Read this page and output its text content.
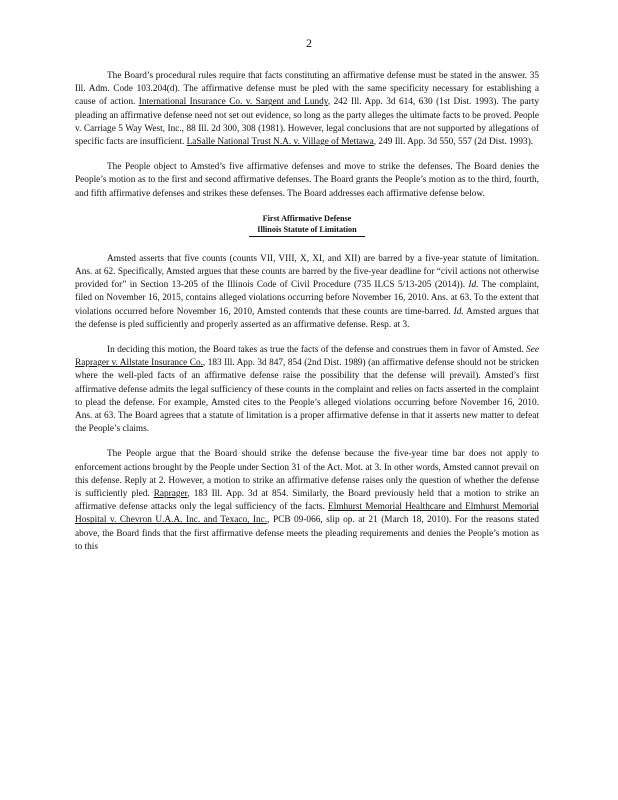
2

The Board’s procedural rules require that facts constituting an affirmative defense must be stated in the answer. 35 Ill. Adm. Code 103.204(d). The affirmative defense must be pled with the same specificity necessary for establishing a cause of action. International Insurance Co. v. Sargent and Lundy, 242 Ill. App. 3d 614, 630 (1st Dist. 1993). The party pleading an affirmative defense need not set out evidence, so long as the party alleges the ultimate facts to be proved. People v. Carriage 5 Way West, Inc., 88 Ill. 2d 300, 308 (1981). However, legal conclusions that are not supported by allegations of specific facts are insufficient. LaSalle National Trust N.A. v. Village of Mettawa, 249 Ill. App. 3d 550, 557 (2d Dist. 1993).

The People object to Amsted’s five affirmative defenses and move to strike the defenses. The Board denies the People’s motion as to the first and second affirmative defenses. The Board grants the People’s motion as to the third, fourth, and fifth affirmative defenses and strikes these defenses. The Board addresses each affirmative defense below.

First Affirmative Defense
Illinois Statute of Limitation

Amsted asserts that five counts (counts VII, VIII, X, XI, and XII) are barred by a five-year statute of limitation. Ans. at 62. Specifically, Amsted argues that these counts are barred by the five-year deadline for “civil actions not otherwise provided for” in Section 13-205 of the Illinois Code of Civil Procedure (735 ILCS 5/13-205 (2014)). Id. The complaint, filed on November 16, 2015, contains alleged violations occurring before November 16, 2010. Ans. at 63. To the extent that violations occurred before November 16, 2010, Amsted contends that these counts are time-barred. Id. Amsted argues that the defense is pled sufficiently and properly asserted as an affirmative defense. Resp. at 3.

In deciding this motion, the Board takes as true the facts of the defense and construes them in favor of Amsted. See Raprager v. Allstate Insurance Co., 183 Ill. App. 3d 847, 854 (2nd Dist. 1989) (an affirmative defense should not be stricken where the well-pled facts of an affirmative defense raise the possibility that the defense will prevail). Amsted’s first affirmative defense admits the legal sufficiency of these counts in the complaint and relies on facts asserted in the complaint to plead the defense. For example, Amsted cites to the People’s alleged violations occurring before November 16, 2010. Ans. at 63. The Board agrees that a statute of limitation is a proper affirmative defense in that it asserts new matter to defeat the People’s claims.

The People argue that the Board should strike the defense because the five-year time bar does not apply to enforcement actions brought by the People under Section 31 of the Act. Mot. at 3. In other words, Amsted cannot prevail on this defense. Reply at 2. However, a motion to strike an affirmative defense raises only the question of whether the defense is sufficiently pled. Raprager, 183 Ill. App. 3d at 854. Similarly, the Board previously held that a motion to strike an affirmative defense attacks only the legal sufficiency of the facts. Elmhurst Memorial Healthcare and Elmhurst Memorial Hospital v. Chevron U.A.A. Inc. and Texaco, Inc., PCB 09-066, slip op. at 21 (March 18, 2010). For the reasons stated above, the Board finds that the first affirmative defense meets the pleading requirements and denies the People’s motion as to this
